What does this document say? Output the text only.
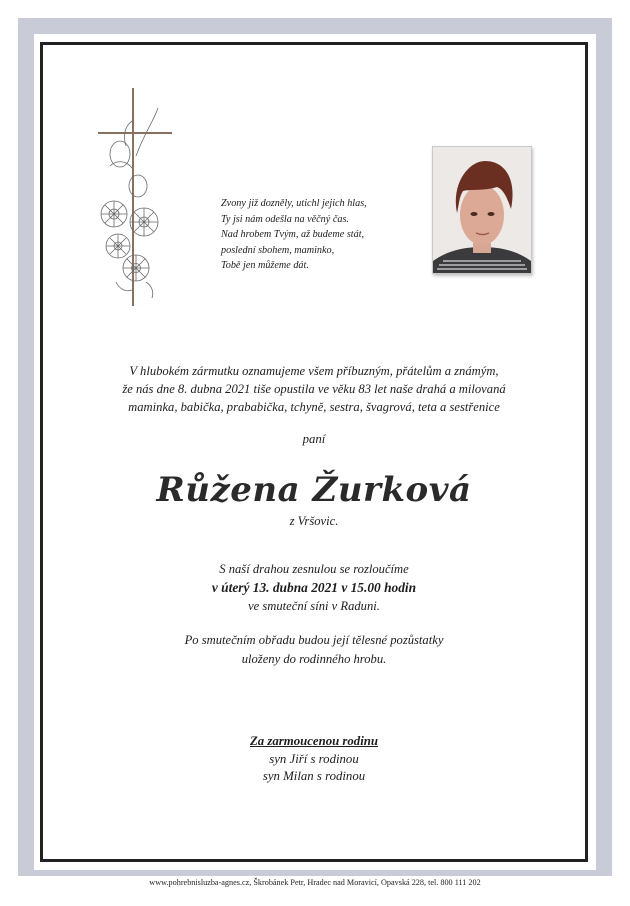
Zvony již dozněly, utichl jejich hlas,
Ty jsi nám odešla na věčný čas.
Nad hrobem Tvým, až budeme stát,
poslední sbohem, maminko,
Tobě jen můžeme dát.
V hlubokém zármutku oznamujeme všem příbuzným, přátelům a známým,
že nás dne 8. dubna 2021 tiše opustila ve věku 83 let naše drahá a milovaná
maminka, babička, prababička, tchyně, sestra, švagrová, teta a sestřenice
paní
Růžena Žurková
z Vršovic.
S naší drahou zesnulou se rozloučíme
v úterý 13. dubna 2021 v 15.00 hodin
ve smuteční síni v Raduni.
Po smutečním obřadu budou její tělesné pozůstatky
uloženy do rodinného hrobu.
Za zarmoucenou rodinu
syn Jiří s rodinou
syn Milan s rodinou
www.pohrebnisluzba-agnes.cz, Škrobánek Petr, Hradec nad Moravicí, Opavská 228, tel. 800 111 202
